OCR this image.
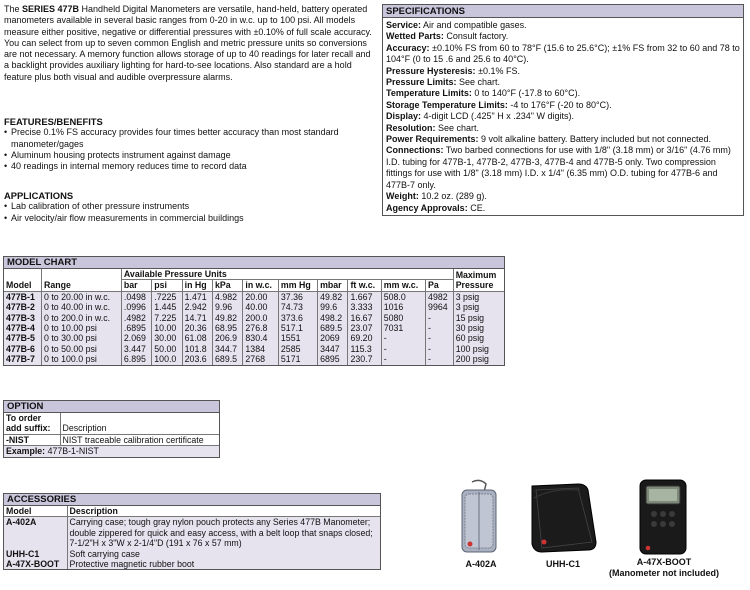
The SERIES 477B Handheld Digital Manometers are versatile, hand-held, battery operated manometers available in several basic ranges from 0-20 in w.c. up to 100 psi. All models measure either positive, negative or differential pressures with ±0.10% of full scale accuracy. You can select from up to seven common English and metric pressure units so conversions are not necessary. A memory function allows storage of up to 40 readings for later recall and a backlight provides auxiliary lighting for hard-to-see locations. Also standard are a hold feature plus both visual and audible overpressure alarms.
FEATURES/BENEFITS
• Precise 0.1% FS accuracy provides four times better accuracy than most standard manometer/gages
• Aluminum housing protects instrument against damage
• 40 readings in internal memory reduces time to record data
APPLICATIONS
• Lab calibration of other pressure instruments
• Air velocity/air flow measurements in commercial buildings
SPECIFICATIONS
Service: Air and compatible gases.
Wetted Parts: Consult factory.
Accuracy: ±0.10% FS from 60 to 78°F (15.6 to 25.6°C); ±1% FS from 32 to 60 and 78 to 104°F (0 to 15 .6 and 25.6 to 40°C).
Pressure Hysteresis: ±0.1% FS.
Pressure Limits: See chart.
Temperature Limits: 0 to 140°F (-17.8 to 60°C).
Storage Temperature Limits: -4 to 176°F (-20 to 80°C).
Display: 4-digit LCD (.425" H x .234" W digits).
Resolution: See chart.
Power Requirements: 9 volt alkaline battery. Battery included but not connected.
Connections: Two barbed connections for use with 1/8" (3.18 mm) or 3/16" (4.76 mm) I.D. tubing for 477B-1, 477B-2, 477B-3, 477B-4 and 477B-5 only. Two compression fittings for use with 1/8" (3.18 mm) I.D. x 1/4" (6.35 mm) O.D. tubing for 477B-6 and 477B-7 only.
Weight: 10.2 oz. (289 g).
Agency Approvals: CE.
MODEL CHART
		Available Pressure Units										Maximum
Model	Range	bar	psi	in Hg	kPa	in w.c.	mm Hg	mbar	ft w.c.	mm w.c.	Pa	Pressure
477B-1	0 to 20.00 in w.c.	.0498	.7225	1.471	4.982	20.00	37.36	49.82	1.667	508.0	4982	3 psig
477B-2	0 to 40.00 in w.c.	.0996	1.445	2.942	9.96	40.00	74.73	99.6	3.333	1016	9964	3 psig
477B-3	0 to 200.0 in w.c.	.4982	7.225	14.71	49.82	200.0	373.6	498.2	16.67	5080	-	15 psig
477B-4	0 to 10.00 psi	.6895	10.00	20.36	68.95	276.8	517.1	689.5	23.07	7031	-	30 psig
477B-5	0 to 30.00 psi	2.069	30.00	61.08	206.9	830.4	1551	2069	69.20	-	-	60 psig
477B-6	0 to 50.00 psi	3.447	50.00	101.8	344.7	1384	2585	3447	115.3	-	-	100 psig
477B-7	0 to 100.0 psi	6.895	100.0	203.6	689.5	2768	5171	6895	230.7	-	-	200 psig
OPTION
To order add suffix:	Description
-NIST	NIST traceable calibration certificate
Example: 477B-1-NIST	
ACCESSORIES
Model	Description
A-402A	Carrying case; tough gray nylon pouch protects any Series 477B Manometer; double zippered for quick and easy access, with a belt loop that snaps closed; 7-1/2"H x 3"W x 2-1/4"D (191 x 76 x 57 mm)
UHH-C1	Soft carrying case
A-47X-BOOT	Protective magnetic rubber boot	A-402A	UHH-C1	A-47X-BOOT
(Manometer not included)
